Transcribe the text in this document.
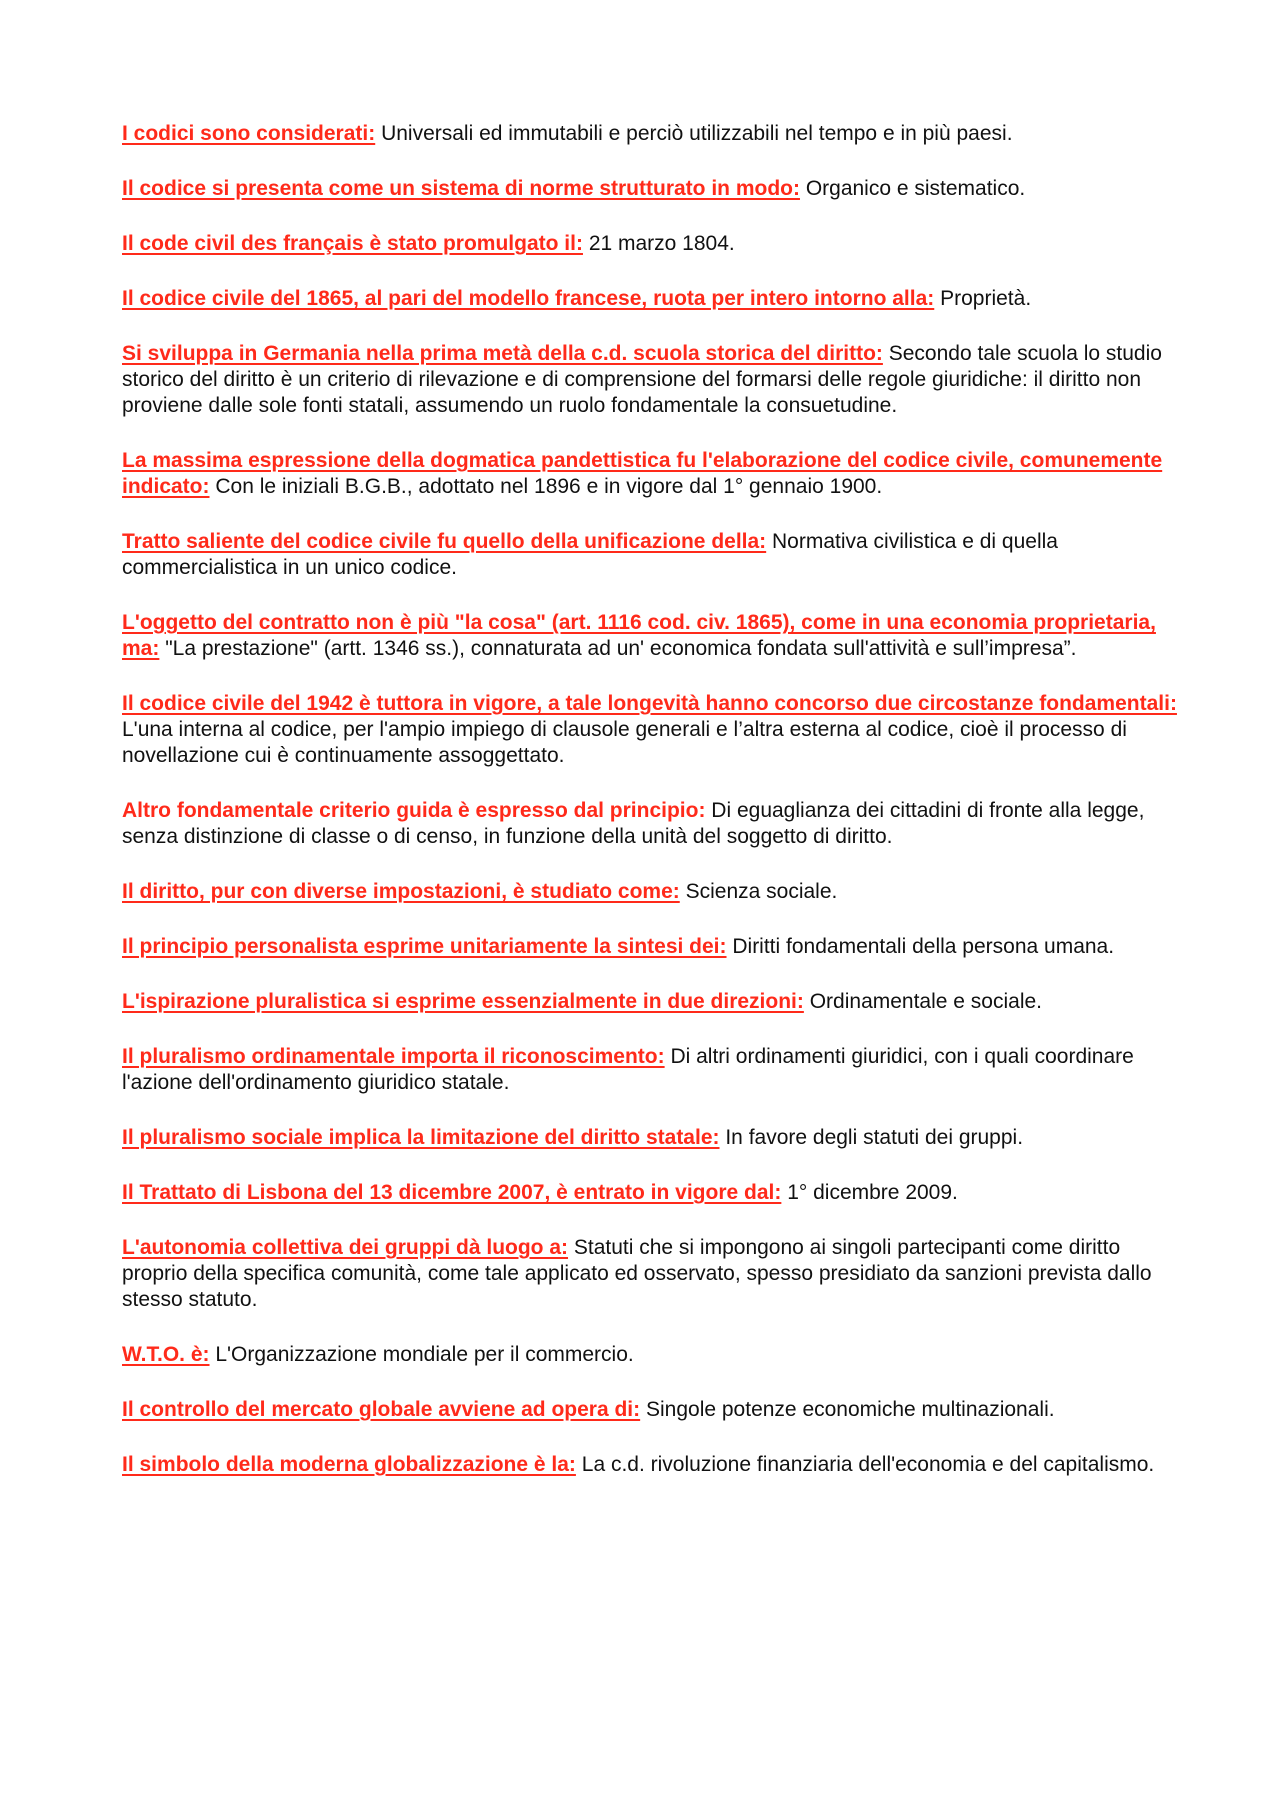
I codici sono considerati: Universali ed immutabili e perciò utilizzabili nel tempo e in più paesi.

Il codice si presenta come un sistema di norme strutturato in modo: Organico e sistematico.

Il code civil des français è stato promulgato il: 21 marzo 1804.

Il codice civile del 1865, al pari del modello francese, ruota per intero intorno alla: Proprietà.

Si sviluppa in Germania nella prima metà della c.d. scuola storica del diritto: Secondo tale scuola lo studio storico del diritto è un criterio di rilevazione e di comprensione del formarsi delle regole giuridiche: il diritto non proviene dalle sole fonti statali, assumendo un ruolo fondamentale la consuetudine.

La massima espressione della dogmatica pandettistica fu l'elaborazione del codice civile, comunemente indicato: Con le iniziali B.G.B., adottato nel 1896 e in vigore dal 1° gennaio 1900.

Tratto saliente del codice civile fu quello della unificazione della: Normativa civilistica e di quella commercialistica in un unico codice.

L'oggetto del contratto non è più "la cosa" (art. 1116 cod. civ. 1865), come in una economia proprietaria, ma: "La prestazione" (artt. 1346 ss.), connaturata ad un' economica fondata sull'attività e sull’impresa”.

Il codice civile del 1942 è tuttora in vigore, a tale longevità hanno concorso due circostanze fondamentali: L'una interna al codice, per l'ampio impiego di clausole generali e l’altra esterna al codice, cioè il processo di novellazione cui è continuamente assoggettato.

Altro fondamentale criterio guida è espresso dal principio: Di eguaglianza dei cittadini di fronte alla legge, senza distinzione di classe o di censo, in funzione della unità del soggetto di diritto.

Il diritto, pur con diverse impostazioni, è studiato come: Scienza sociale.

Il principio personalista esprime unitariamente la sintesi dei: Diritti fondamentali della persona umana.

L'ispirazione pluralistica si esprime essenzialmente in due direzioni: Ordinamentale e sociale.

Il pluralismo ordinamentale importa il riconoscimento: Di altri ordinamenti giuridici, con i quali coordinare l'azione dell'ordinamento giuridico statale.

Il pluralismo sociale implica la limitazione del diritto statale: In favore degli statuti dei gruppi.

Il Trattato di Lisbona del 13 dicembre 2007, è entrato in vigore dal: 1° dicembre 2009.

L'autonomia collettiva dei gruppi dà luogo a: Statuti che si impongono ai singoli partecipanti come diritto proprio della specifica comunità, come tale applicato ed osservato, spesso presidiato da sanzioni prevista dallo stesso statuto.

W.T.O. è: L'Organizzazione mondiale per il commercio.

Il controllo del mercato globale avviene ad opera di: Singole potenze economiche multinazionali.

Il simbolo della moderna globalizzazione è la: La c.d. rivoluzione finanziaria dell'economia e del capitalismo.
